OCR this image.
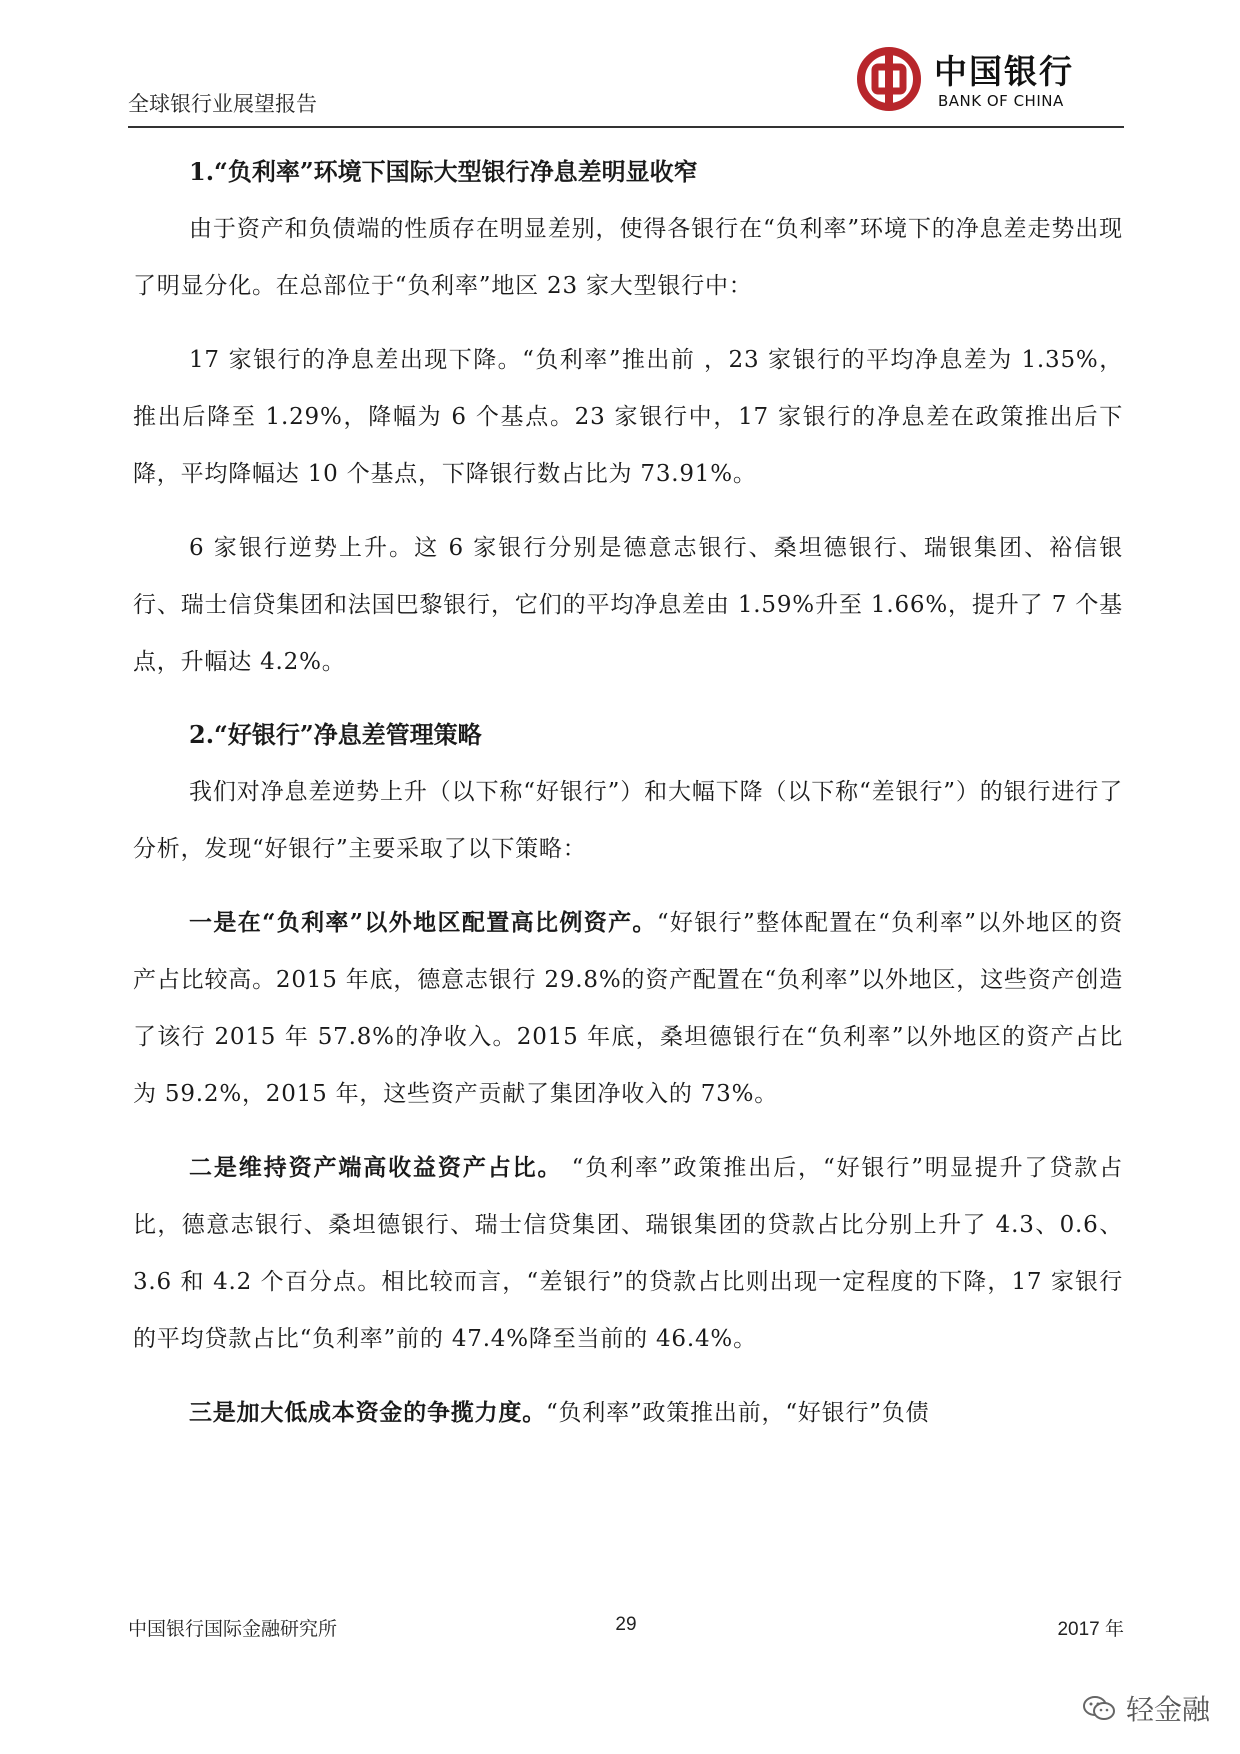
全球银行业展望报告
中国银行
BANK OF CHINA
1.“负利率”环境下国际大型银行净息差明显收窄

由于资产和负债端的性质存在明显差别，使得各银行在“负利率”环境下的净息差走势出现了明显分化。在总部位于“负利率”地区 23 家大型银行中：

17 家银行的净息差出现下降。“负利率”推出前 ，23 家银行的平均净息差为 1.35%，推出后降至 1.29%，降幅为 6 个基点。23 家银行中，17 家银行的净息差在政策推出后下降，平均降幅达 10 个基点，下降银行数占比为 73.91%。

6 家银行逆势上升。这 6 家银行分别是德意志银行、桑坦德银行、瑞银集团、裕信银行、瑞士信贷集团和法国巴黎银行，它们的平均净息差由 1.59%升至 1.66%，提升了 7 个基点，升幅达 4.2%。

2.“好银行”净息差管理策略

我们对净息差逆势上升（以下称“好银行”）和大幅下降（以下称“差银行”）的银行进行了分析，发现“好银行”主要采取了以下策略：

一是在“负利率”以外地区配置高比例资产。“好银行”整体配置在“负利率”以外地区的资产占比较高。2015 年底，德意志银行 29.8%的资产配置在“负利率”以外地区，这些资产创造了该行 2015 年 57.8%的净收入。2015 年底，桑坦德银行在“负利率”以外地区的资产占比为 59.2%，2015 年，这些资产贡献了集团净收入的 73%。

二是维持资产端高收益资产占比。 “负利率”政策推出后，“好银行”明显提升了贷款占比，德意志银行、桑坦德银行、瑞士信贷集团、瑞银集团的贷款占比分别上升了 4.3、0.6、3.6 和 4.2 个百分点。相比较而言，“差银行”的贷款占比则出现一定程度的下降，17 家银行的平均贷款占比“负利率”前的 47.4%降至当前的 46.4%。

三是加大低成本资金的争揽力度。“负利率”政策推出前，“好银行”负债

中国银行国际金融研究所	29	2017 年
轻金融
